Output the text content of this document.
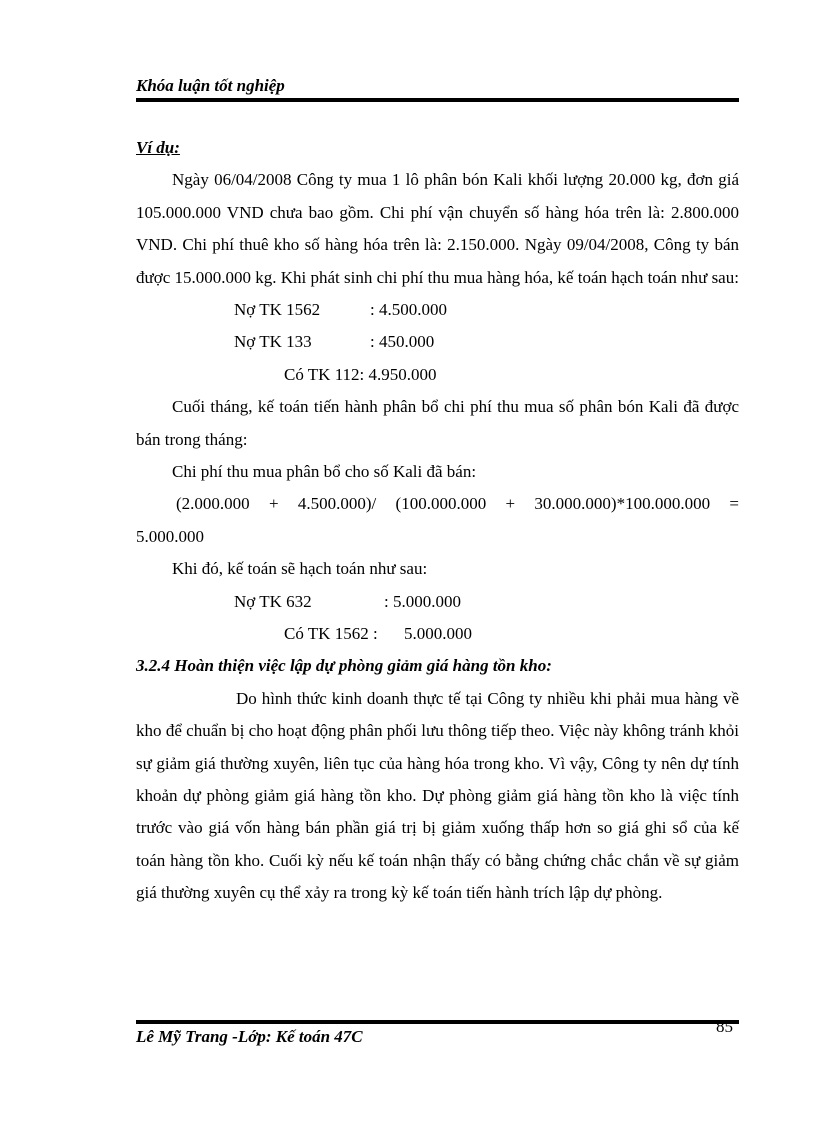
Khóa luận tốt nghiệp

Ví dụ:

Ngày 06/04/2008 Công ty mua 1 lô phân bón Kali khối lượng 20.000 kg, đơn giá 105.000.000 VND chưa bao gồm. Chi phí vận chuyển số hàng hóa trên là: 2.800.000 VND. Chi phí thuê kho số hàng hóa trên là: 2.150.000. Ngày 09/04/2008, Công ty bán được 15.000.000 kg. Khi phát sinh chi phí thu mua hàng hóa, kế toán hạch toán như sau:

Nợ TK 1562	: 4.500.000
Nợ TK 133	: 450.000
Có TK 112: 4.950.000

Cuối tháng, kế toán tiến hành phân bổ chi phí thu mua số phân bón Kali đã được bán trong tháng:

Chi phí thu mua phân bổ cho số Kali đã bán:

(2.000.000 + 4.500.000)/ (100.000.000 + 30.000.000)*100.000.000 =

5.000.000

Khi đó, kế toán sẽ hạch toán như sau:

Nợ TK 632	: 5.000.000
Có TK 1562 : 5.000.000

3.2.4 Hoàn thiện việc lập dự phòng giảm giá hàng tồn kho:

Do hình thức kinh doanh thực tế tại Công ty nhiều khi phải mua hàng về kho để chuẩn bị cho hoạt động phân phối lưu thông tiếp theo. Việc này không tránh khỏi sự giảm giá thường xuyên, liên tục của hàng hóa trong kho. Vì vậy, Công ty nên dự tính khoản dự phòng giảm giá hàng tồn kho. Dự phòng giảm giá hàng tồn kho là việc tính trước vào giá vốn hàng bán phần giá trị bị giảm xuống thấp hơn so giá ghi sổ của kế toán hàng tồn kho. Cuối kỳ nếu kế toán nhận thấy có bằng chứng chắc chắn về sự giảm giá thường xuyên cụ thể xảy ra trong kỳ kế toán tiến hành trích lập dự phòng.

85
Lê Mỹ Trang -Lớp: Kế toán 47C
